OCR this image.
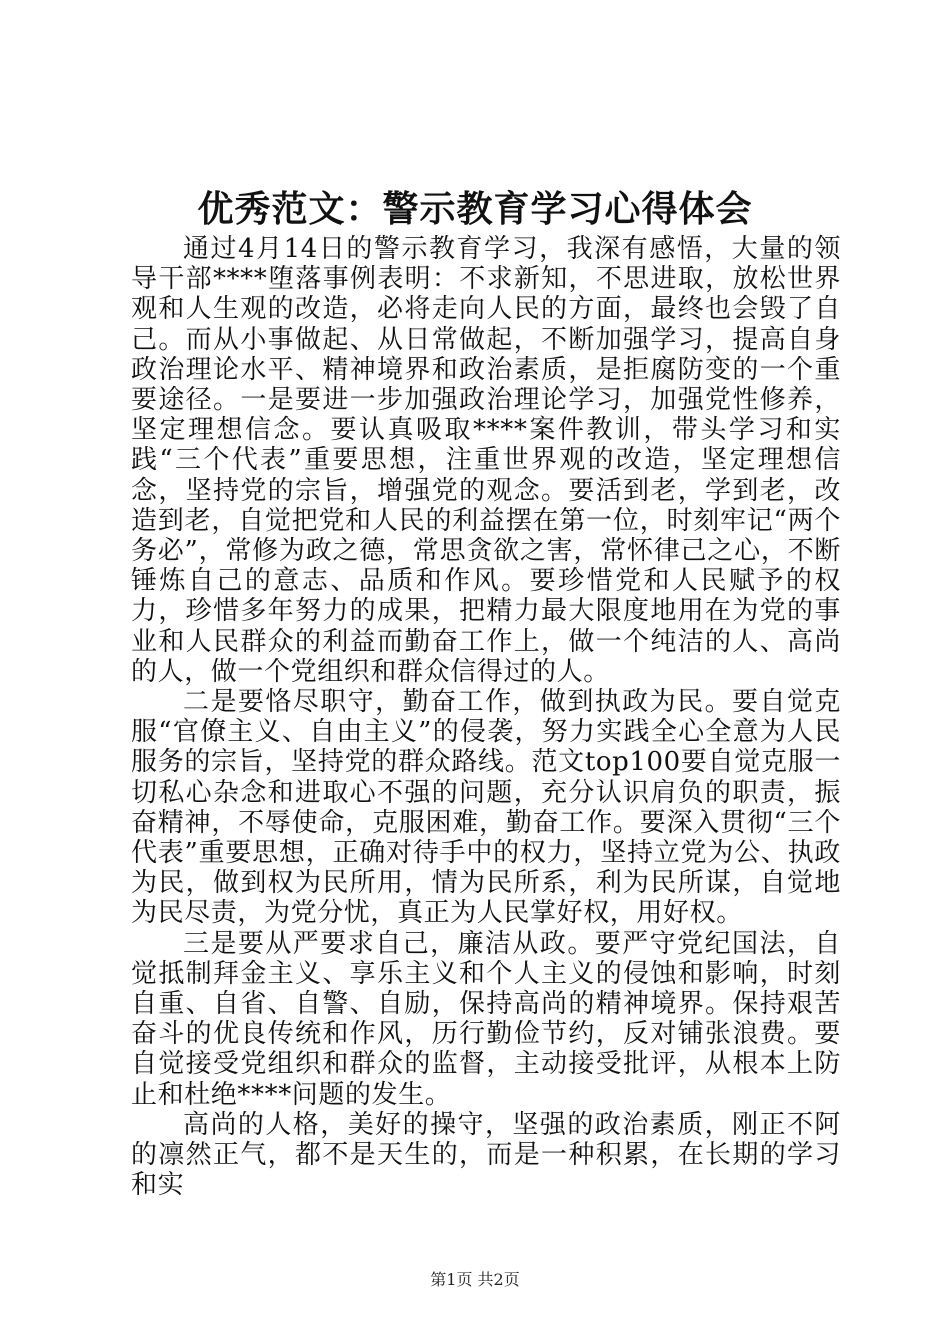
优秀范文：警示教育学习心得体会

通过4月14日的警示教育学习，我深有感悟，大量的领导干部****堕落事例表明：不求新知，不思进取，放松世界观和人生观的改造，必将走向人民的方面，最终也会毁了自己。而从小事做起、从日常做起，不断加强学习，提高自身政治理论水平、精神境界和政治素质，是拒腐防变的一个重要途径。一是要进一步加强政治理论学习，加强党性修养，坚定理想信念。要认真吸取****案件教训，带头学习和实践“三个代表”重要思想，注重世界观的改造，坚定理想信念，坚持党的宗旨，增强党的观念。要活到老，学到老，改造到老，自觉把党和人民的利益摆在第一位，时刻牢记“两个务必”，常修为政之德，常思贪欲之害，常怀律己之心，不断锤炼自己的意志、品质和作风。要珍惜党和人民赋予的权力，珍惜多年努力的成果，把精力最大限度地用在为党的事业和人民群众的利益而勤奋工作上，做一个纯洁的人、高尚的人，做一个党组织和群众信得过的人。

二是要恪尽职守，勤奋工作，做到执政为民。要自觉克服“官僚主义、自由主义”的侵袭，努力实践全心全意为人民服务的宗旨，坚持党的群众路线。范文top100要自觉克服一切私心杂念和进取心不强的问题，充分认识肩负的职责，振奋精神，不辱使命，克服困难，勤奋工作。要深入贯彻“三个代表”重要思想，正确对待手中的权力，坚持立党为公、执政为民，做到权为民所用，情为民所系，利为民所谋，自觉地为民尽责，为党分忧，真正为人民掌好权，用好权。

三是要从严要求自己，廉洁从政。要严守党纪国法，自觉抵制拜金主义、享乐主义和个人主义的侵蚀和影响，时刻自重、自省、自警、自励，保持高尚的精神境界。保持艰苦奋斗的优良传统和作风，历行勤俭节约，反对铺张浪费。要自觉接受党组织和群众的监督，主动接受批评，从根本上防止和杜绝****问题的发生。

高尚的人格，美好的操守，坚强的政治素质，刚正不阿的凛然正气，都不是天生的，而是一种积累，在长期的学习和实

第1页 共2页
